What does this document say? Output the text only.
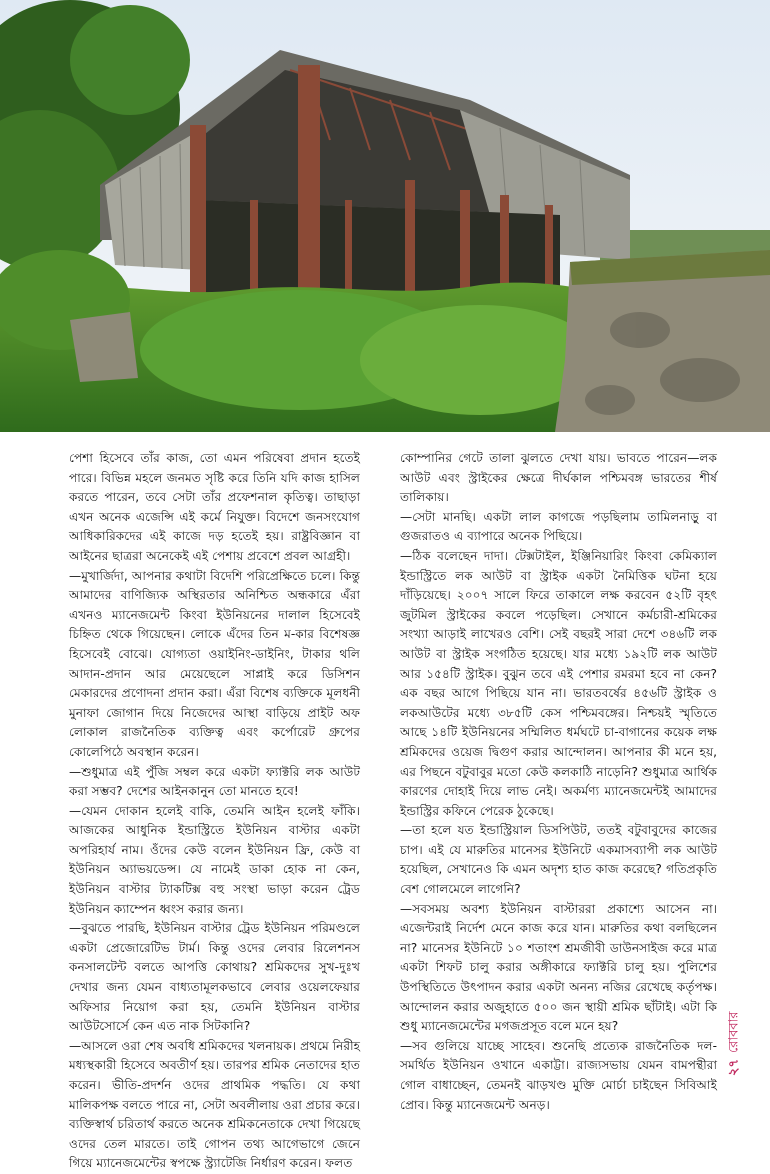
পেশা হিসেবে তাঁর কাজ, তো এমন পরিষেবা প্রদান হতেই পারে। বিভিন্ন মহলে জনমত সৃষ্টি করে তিনি যদি কাজ হাসিল করতে পারেন, তবে সেটা তাঁর প্রফেশনাল কৃতিত্ব। তাছাড়া এখন অনেক এজেন্সি এই কর্মে নিযুক্ত। বিদেশে জনসংযোগ আধিকারিকদের এই কাজে দড় হতেই হয়। রাষ্ট্রবিজ্ঞান বা আইনের ছাত্ররা অনেকেই এই পেশায় প্রবেশে প্রবল আগ্রহী।

—মুখার্জিদা, আপনার কথাটা বিদেশি পরিপ্রেক্ষিতে চলে। কিন্তু আমাদের বাণিজ্যিক অস্থিরতার অনিশ্চিত অন্ধকারে এঁরা এখনও ম্যানেজমেন্ট কিংবা ইউনিয়নের দালাল হিসেবেই চিহ্নিত থেকে গিয়েছেন। লোকে এঁদের তিন ম-কার বিশেষজ্ঞ হিসেবেই বোঝে। যোগ্যতা ওয়াইনিং-ডাইনিং, টাকার থলি আদান-প্রদান আর মেয়েছেলে সাপ্লাই করে ডিসিশন মেকারদের প্রণোদনা প্রদান করা। এঁরা বিশেষ ব্যক্তিকে মূলধনী মুনাফা জোগান দিয়ে নিজেদের আস্থা বাড়িয়ে প্রাইট অফ লোকাল রাজনৈতিক ব্যক্তিত্ব এবং কর্পোরেট গ্রুপের কোলেপিঠে অবস্থান করেন।

—শুধুমাত্র এই পুঁজি সম্বল করে একটা ফ্যাক্টরি লক আউট করা সম্ভব? দেশের আইনকানুন তো মানতে হবে!

—যেমন দোকান হলেই বাকি, তেমনি আইন হলেই ফাঁকি। আজকের আধুনিক ইন্ডাস্ট্রিতে ইউনিয়ন বাস্টার একটা অপরিহার্য নাম। ওঁদের কেউ বলেন ইউনিয়ন ফ্রি, কেউ বা ইউনিয়ন অ্যাভয়ডেন্স। যে নামেই ডাকা হোক না কেন, ইউনিয়ন বাস্টার ট্যাকটিক্স বহু সংস্থা ভাড়া করেন ট্রেড ইউনিয়ন ক্যাম্পেন ধ্বংস করার জন্য।

—বুঝতে পারছি, ইউনিয়ন বাস্টার ট্রেড ইউনিয়ন পরিমণ্ডলে একটা প্রেজোরেটিভ টার্ম। কিন্তু ওদের লেবার রিলেশনস কনসালটেন্ট বলতে আপত্তি কোথায়? শ্রমিকদের সুখ-দুঃখ দেখার জন্য যেমন বাধ্যতামূলকভাবে লেবার ওয়েলফেয়ার অফিসার নিয়োগ করা হয়, তেমনি ইউনিয়ন বাস্টার আউটসোর্সে কেন এত নাক সিটকানি?

—আসলে ওরা শেষ অবধি শ্রমিকদের খলনায়ক। প্রথমে নিরীহ মধ্যস্থকারী হিসেবে অবতীর্ণ হয়। তারপর শ্রমিক নেতাদের হাত করেন। ভীতি-প্রদর্শন ওদের প্রাথমিক পদ্ধতি। যে কথা মালিকপক্ষ বলতে পারে না, সেটা অবলীলায় ওরা প্রচার করে। ব্যক্তিস্বার্থ চরিতার্থ করতে অনেক শ্রমিকনেতাকে দেখা গিয়েছে ওদের তেল মারতে। তাই গোপন তথ্য আগেভাগে জেনে গিয়ে ম্যানেজমেন্টের স্বপক্ষে স্ট্র্যাটেজি নির্ধারণ করেন। ফলত

কোম্পানির গেটে তালা ঝুলতে দেখা যায়। ভাবতে পারেন—লক আউট এবং স্ট্রাইকের ক্ষেত্রে দীর্ঘকাল পশ্চিমবঙ্গ ভারতের শীর্ষ তালিকায়।

—সেটা মানছি। একটা লাল কাগজে পড়ছিলাম তামিলনাড়ু বা গুজরাতও এ ব্যাপারে অনেক পিছিয়ে।

—ঠিক বলেছেন দাদা। টেক্সটাইল, ইঞ্জিনিয়ারিং কিংবা কেমিক্যাল ইন্ডাস্ট্রিতে লক আউট বা স্ট্রাইক একটা নৈমিত্তিক ঘটনা হয়ে দাঁড়িয়েছে। ২০০৭ সালে ফিরে তাকালে লক্ষ করবেন ৫২টি বৃহৎ জুটমিল স্ট্রাইকের কবলে পড়েছিল। সেখানে কর্মচারী-শ্রমিকের সংখ্যা আড়াই লাখেরও বেশি। সেই বছরই সারা দেশে ৩৪৬টি লক আউট বা স্ট্রাইক সংগঠিত হয়েছে। যার মধ্যে ১৯২টি লক আউট আর ১৫৪টি স্ট্রাইক। বুঝুন তবে এই পেশার রমরমা হবে না কেন? এক বছর আগে পিছিয়ে যান না। ভারতবর্ষের ৪৫৬টি স্ট্রাইক ও লকআউটের মধ্যে ৩৮৫টি কেস পশ্চিমবঙ্গের। নিশ্চয়ই স্মৃতিতে আছে ১৪টি ইউনিয়নের সম্মিলিত ধর্মঘটে চা-বাগানের কয়েক লক্ষ শ্রমিকদের ওয়েজ দ্বিগুণ করার আন্দোলন। আপনার কী মনে হয়, এর পিছনে বটুবাবুর মতো কেউ কলকাঠি নাড়েনি? শুধুমাত্র আর্থিক কারণের দোহাই দিয়ে লাভ নেই। অকর্মণ্য ম্যানেজমেন্টই আমাদের ইন্ডাস্ট্রির কফিনে পেরেক ঠুকেছে।

—তা হলে যত ইন্ডাস্ট্রিয়াল ডিসপিউট, ততই বটুবাবুদের কাজের চাপ। এই যে মারুতির মানেসর ইউনিটে একমাসব্যাপী লক আউট হয়েছিল, সেখানেও কি এমন অদৃশ্য হাত কাজ করেছে? গতিপ্রকৃতি বেশ গোলমেলে লাগেনি?

—সবসময় অবশ্য ইউনিয়ন বাস্টাররা প্রকাশ্যে আসেন না। এজেন্টরাই নির্দেশ মেনে কাজ করে যান। মারুতির কথা বলছিলেন না? মানেসর ইউনিটে ১০ শতাংশ শ্রমজীবী ডাউনসাইজ করে মাত্র একটা শিফট চালু করার অঙ্গীকারে ফ্যাক্টরি চালু হয়। পুলিশের উপস্থিতিতে উৎপাদন করার একটা অনন্য নজির রেখেছে কর্তৃপক্ষ। আন্দোলন করার অজুহাতে ৫০০ জন স্থায়ী শ্রমিক ছাঁটাই। এটা কি শুধু ম্যানেজমেন্টের মগজপ্রসূত বলে মনে হয়?

—সব গুলিয়ে যাচ্ছে সাহেব। শুনেছি প্রত্যেক রাজনৈতিক দল-সমর্থিত ইউনিয়ন ওখানে একাট্টা। রাজ্যসভায় যেমন বামপন্থীরা গোল বাধাচ্ছেন, তেমনই ঝাড়খণ্ড মুক্তি মোর্চা চাইছেন সিবিআই প্রোব। কিন্তু ম্যানেজমেন্ট অনড়।

২৭
রোববার
